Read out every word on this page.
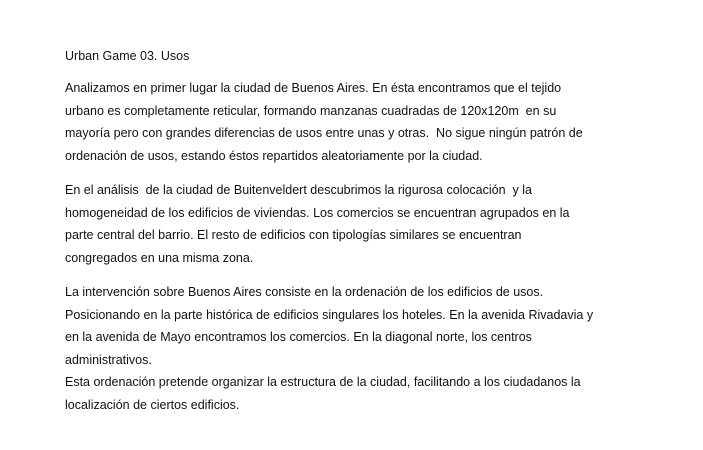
Urban Game 03. Usos
Analizamos en primer lugar la ciudad de Buenos Aires. En ésta encontramos que el tejido
urbano es completamente reticular, formando manzanas cuadradas de 120x120m  en su
mayoría pero con grandes diferencias de usos entre unas y otras.  No sigue ningún patrón de
ordenación de usos, estando éstos repartidos aleatoriamente por la ciudad.
En el análisis  de la ciudad de Buitenveldert descubrimos la rigurosa colocación  y la
homogeneidad de los edificios de viviendas. Los comercios se encuentran agrupados en la
parte central del barrio. El resto de edificios con tipologías similares se encuentran
congregados en una misma zona.
La intervención sobre Buenos Aires consiste en la ordenación de los edificios de usos.
Posicionando en la parte histórica de edificios singulares los hoteles. En la avenida Rivadavia y
en la avenida de Mayo encontramos los comercios. En la diagonal norte, los centros
administrativos.
Esta ordenación pretende organizar la estructura de la ciudad, facilitando a los ciudadanos la
localización de ciertos edificios.
